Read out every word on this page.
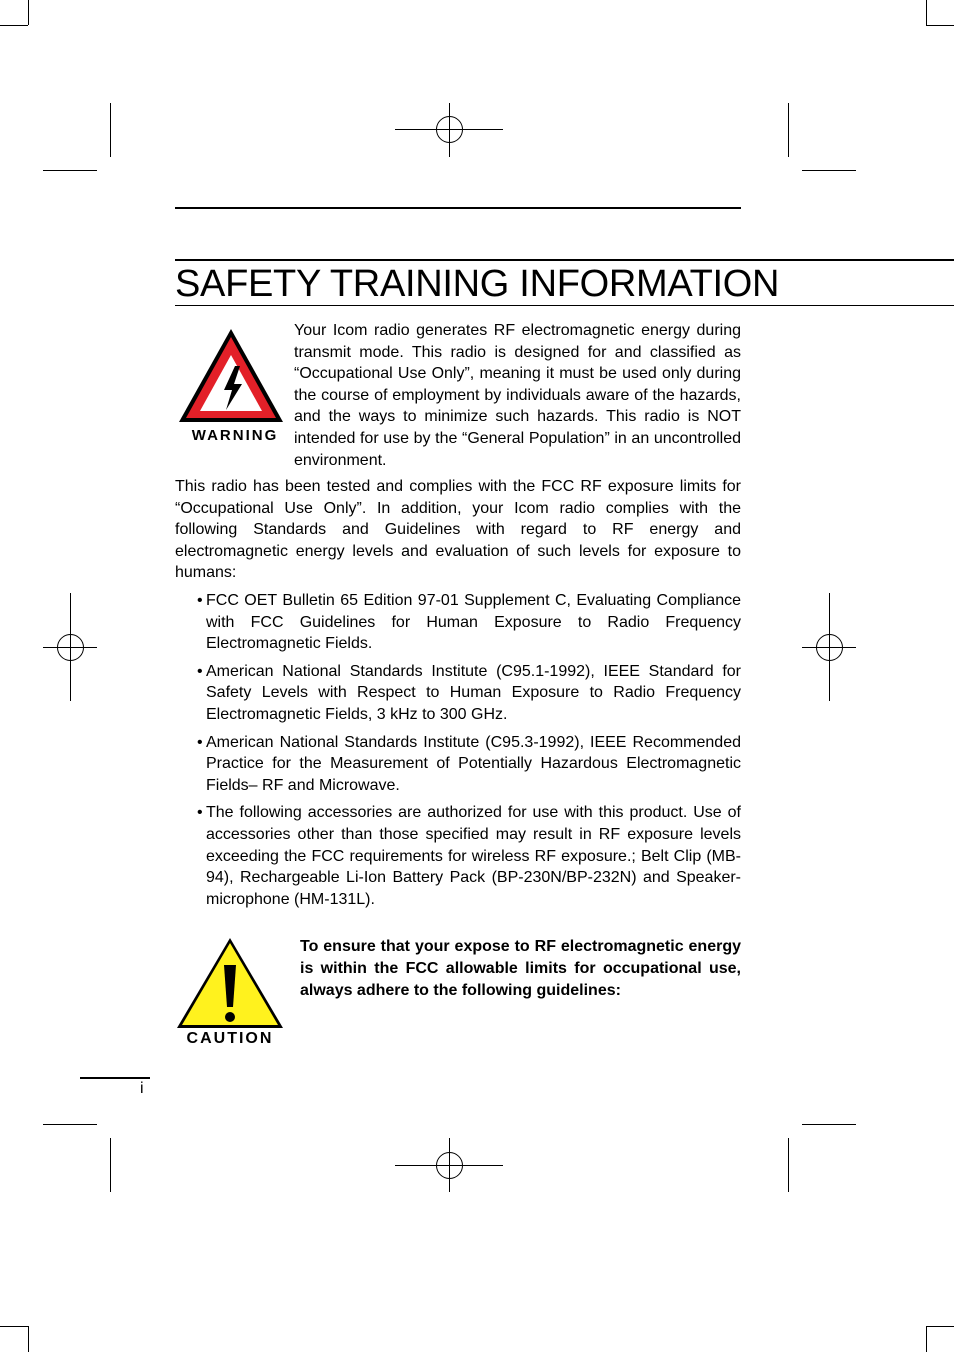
SAFETY TRAINING INFORMATION
WARNING

Your Icom radio generates RF electromagnetic energy during transmit mode. This radio is designed for and classified as “Occupational Use Only”, meaning it must be used only during the course of employment by individuals aware of the hazards, and the ways to minimize such hazards. This radio is NOT intended for use by the “General Population” in an uncontrolled environment.

This radio has been tested and complies with the FCC RF exposure limits for “Occupational Use Only”. In addition, your Icom radio complies with the following Standards and Guidelines with regard to RF energy and electromagnetic energy levels and evaluation of such levels for exposure to humans:

• FCC OET Bulletin 65 Edition 97-01 Supplement C, Evaluating Compliance with FCC Guidelines for Human Exposure to Radio Frequency Electromagnetic Fields.
• American National Standards Institute (C95.1-1992), IEEE Standard for Safety Levels with Respect to Human Exposure to Radio Frequency Electromagnetic Fields, 3 kHz to 300 GHz.
• American National Standards Institute (C95.3-1992), IEEE Recommended Practice for the Measurement of Potentially Hazardous Electromagnetic Fields– RF and Microwave.
• The following accessories are authorized for use with this product. Use of accessories other than those specified may result in RF exposure levels exceeding the FCC requirements for wireless RF exposure.; Belt Clip (MB-94), Rechargeable Li-Ion Battery Pack (BP-230N/BP-232N) and Speaker-microphone (HM-131L).
CAUTION

To ensure that your expose to RF electromagnetic energy is within the FCC allowable limits for occupational use, always adhere to the following guidelines:

i
